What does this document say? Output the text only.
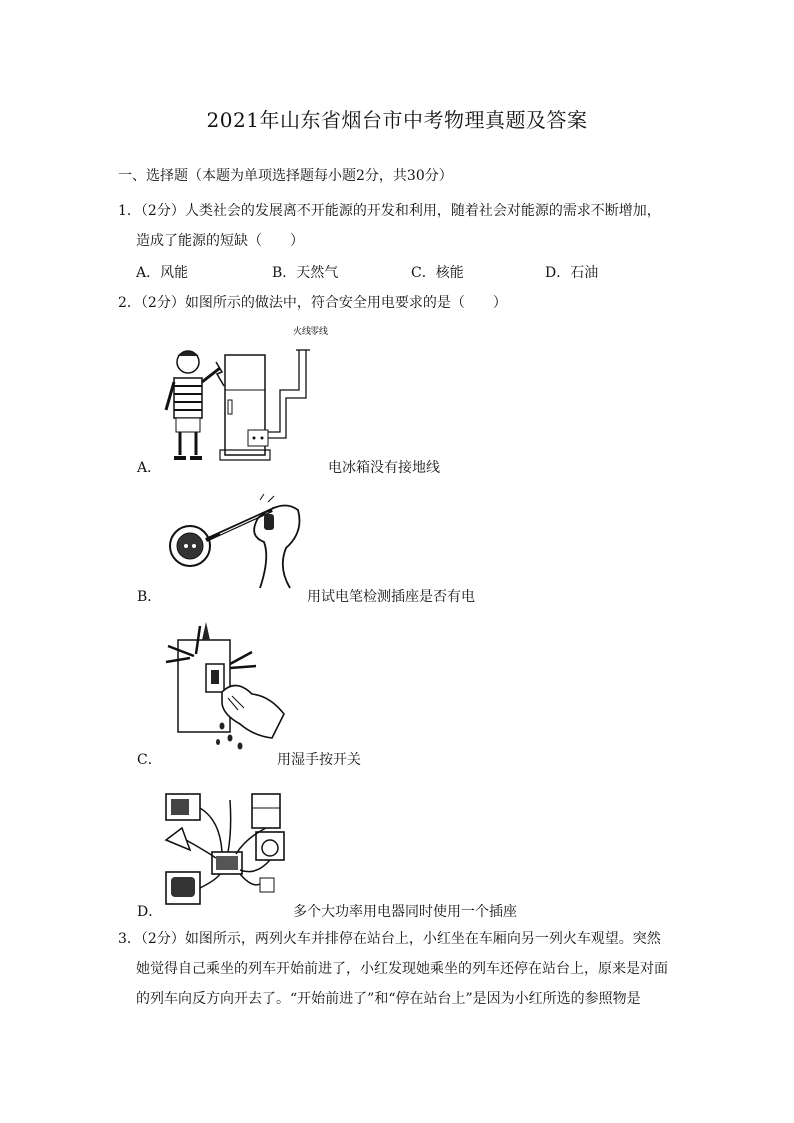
2021年山东省烟台市中考物理真题及答案
一、选择题（本题为单项选择题每小题2分，共30分）
1．（2分）人类社会的发展离不开能源的开发和利用，随着社会对能源的需求不断增加，
造成了能源的短缺（　　）
A．风能	B．天然气	C．核能	D．石油
2．（2分）如图所示的做法中，符合安全用电要求的是（　　）
火线
零线
A．	电冰箱没有接地线
B．	用试电笔检测插座是否有电
C．	用湿手按开关
D．	多个大功率用电器同时使用一个插座
3．（2分）如图所示，两列火车并排停在站台上，小红坐在车厢向另一列火车观望。突然
她觉得自己乘坐的列车开始前进了，小红发现她乘坐的列车还停在站台上，原来是对面
的列车向反方向开去了。“开始前进了”和“停在站台上”是因为小红所选的参照物是
